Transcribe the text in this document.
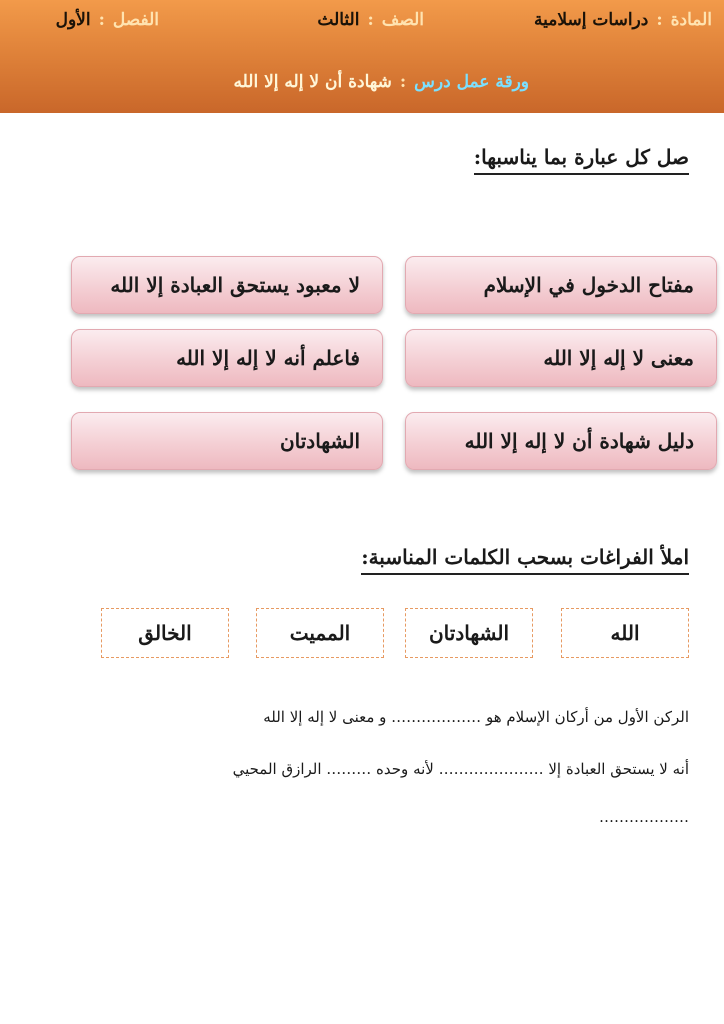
المادة
:
دراسات إسلامية
الصف
:
الثالث
الفصل
:
الأول
ورقة عمل درس
:
شهادة أن لا إله إلا الله
صل كل عبارة بما يناسبها:
مفتاح الدخول في الإسلام
لا معبود يستحق العبادة إلا الله
معنى لا إله إلا الله
فاعلم أنه لا إله إلا الله
دليل شهادة أن لا إله إلا الله
الشهادتان
املأ الفراغات بسحب الكلمات المناسبة:
الله
الشهادتان
المميت
الخالق
الركن الأول من أركان الإسلام هو ……………… و معنى لا إله إلا الله
أنه لا يستحق العبادة إلا ………………… لأنه وحده ……… الرازق المحيي
………………
